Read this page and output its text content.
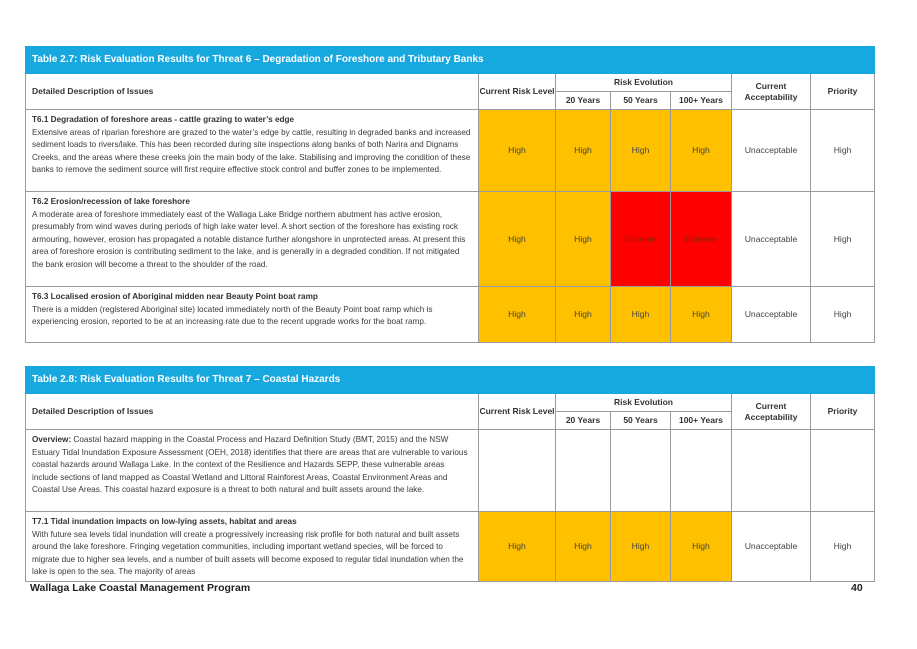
Table 2.7: Risk Evaluation Results for Threat 6 – Degradation of Foreshore and Tributary Banks						
Detailed Description of Issues	Current Risk Level	Risk Evolution			Current Acceptability	Priority
		20 Years	50 Years	100+ Years		
T6.1 Degradation of foreshore areas - cattle grazing to water’s edge
Extensive areas of riparian foreshore are grazed to the water’s edge by cattle, resulting in degraded banks and increased sediment loads to rivers/lake. This has been recorded during site inspections along banks of both Narira and Dignams Creeks, and the areas where these creeks join the main body of the lake. Stabilising and improving the condition of these banks to remove the sediment source will first require effective stock control and buffer zones to be implemented.	High	High	High	High	Unacceptable	High
T6.2 Erosion/recession of lake foreshore
A moderate area of foreshore immediately east of the Wallaga Lake Bridge northern abutment has active erosion, presumably from wind waves during periods of high lake water level. A short section of the foreshore has existing rock armouring, however, erosion has propagated a notable distance further alongshore in unprotected areas. At present this area of foreshore erosion is contributing sediment to the lake, and is generally in a degraded condition. If not mitigated the bank erosion will become a threat to the shoulder of the road.	High	High	Extreme	Extreme	Unacceptable	High
T6.3 Localised erosion of Aboriginal midden near Beauty Point boat ramp
There is a midden (registered Aboriginal site) located immediately north of the Beauty Point boat ramp which is experiencing erosion, reported to be at an increasing rate due to the recent upgrade works for the boat ramp.	High	High	High	High	Unacceptable	High
Table 2.8: Risk Evaluation Results for Threat 7 – Coastal Hazards						
Detailed Description of Issues	Current Risk Level	Risk Evolution			Current Acceptability	Priority
		20 Years	50 Years	100+ Years		
Overview: Coastal hazard mapping in the Coastal Process and Hazard Definition Study (BMT, 2015) and the NSW Estuary Tidal Inundation Exposure Assessment (OEH, 2018) identifies that there are areas that are vulnerable to various coastal hazards around Wallaga Lake. In the context of the Resilience and Hazards SEPP, these vulnerable areas include sections of land mapped as Coastal Wetland and Littoral Rainforest Areas, Coastal Environment Areas and Coastal Use Areas. This coastal hazard exposure is a threat to both natural and built assets around the lake.						
T7.1 Tidal inundation impacts on low-lying assets, habitat and areas
With future sea levels tidal inundation will create a progressively increasing risk profile for both natural and built assets around the lake foreshore. Fringing vegetation communities, including important wetland species, will be forced to migrate due to higher sea levels, and a number of built assets will become exposed to regular tidal inundation when the lake is open to the sea. The majority of areas	High	High	High	High	Unacceptable	High
Wallaga Lake Coastal Management Program	40
